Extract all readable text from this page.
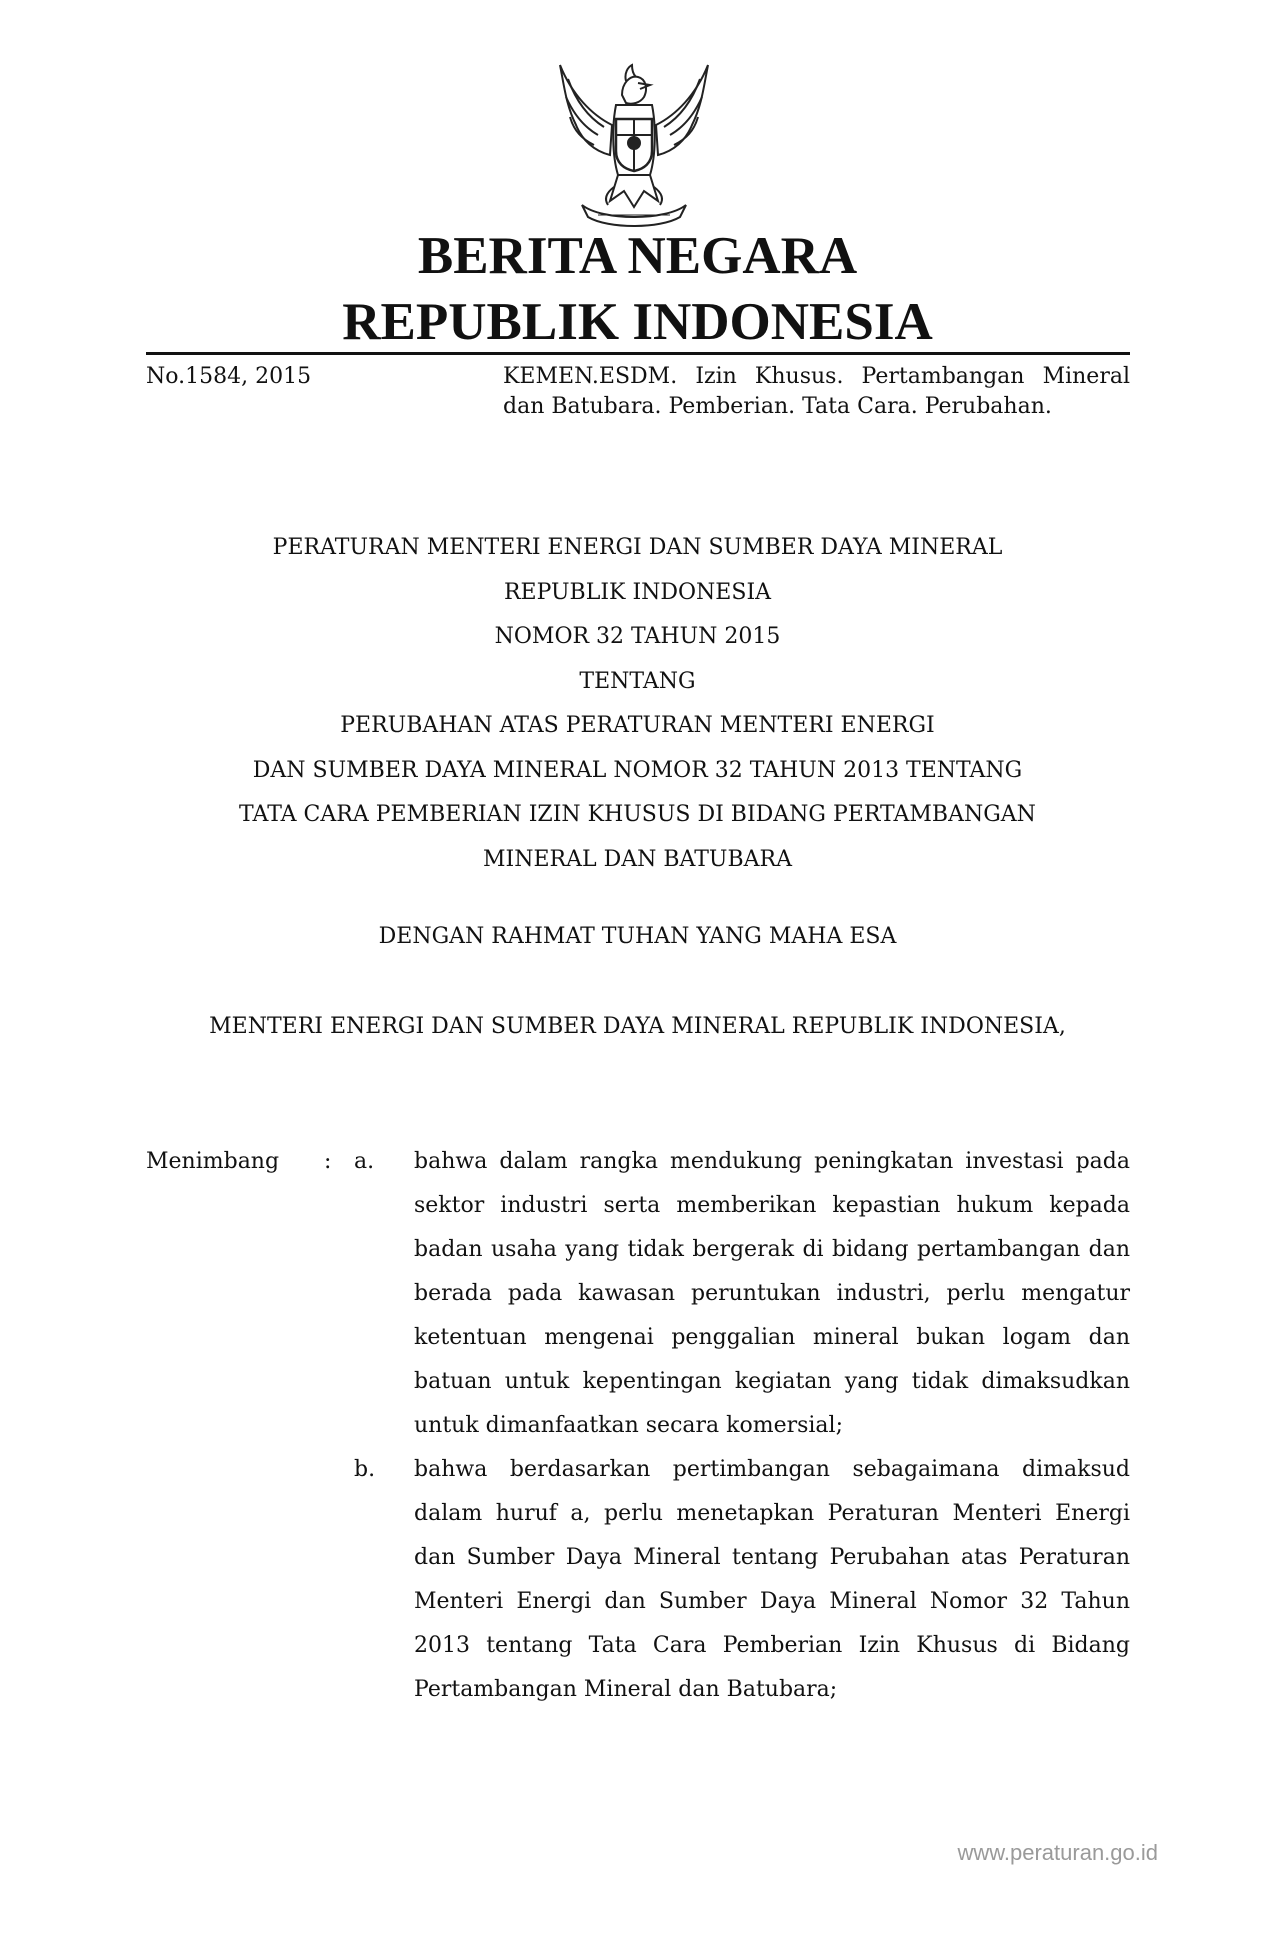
BERITA NEGARA
REPUBLIK INDONESIA
No.1584, 2015	KEMEN.ESDM. Izin Khusus. Pertambangan Mineral dan Batubara. Pemberian. Tata Cara. Perubahan.
PERATURAN MENTERI ENERGI DAN SUMBER DAYA MINERAL
REPUBLIK INDONESIA
NOMOR 32 TAHUN 2015
TENTANG
PERUBAHAN ATAS PERATURAN MENTERI ENERGI
DAN SUMBER DAYA MINERAL NOMOR 32 TAHUN 2013 TENTANG
TATA CARA PEMBERIAN IZIN KHUSUS DI BIDANG PERTAMBANGAN
MINERAL DAN BATUBARA
DENGAN RAHMAT TUHAN YANG MAHA ESA
MENTERI ENERGI DAN SUMBER DAYA MINERAL REPUBLIK INDONESIA,
Menimbang : a.	bahwa dalam rangka mendukung peningkatan investasi pada sektor industri serta memberikan kepastian hukum kepada badan usaha yang tidak bergerak di bidang pertambangan dan berada pada kawasan peruntukan industri, perlu mengatur ketentuan mengenai penggalian mineral bukan logam dan batuan untuk kepentingan kegiatan yang tidak dimaksudkan untuk dimanfaatkan secara komersial;
b.	bahwa berdasarkan pertimbangan sebagaimana dimaksud dalam huruf a, perlu menetapkan Peraturan Menteri Energi dan Sumber Daya Mineral tentang Perubahan atas Peraturan Menteri Energi dan Sumber Daya Mineral Nomor 32 Tahun 2013 tentang Tata Cara Pemberian Izin Khusus di Bidang Pertambangan Mineral dan Batubara;
www.peraturan.go.id
